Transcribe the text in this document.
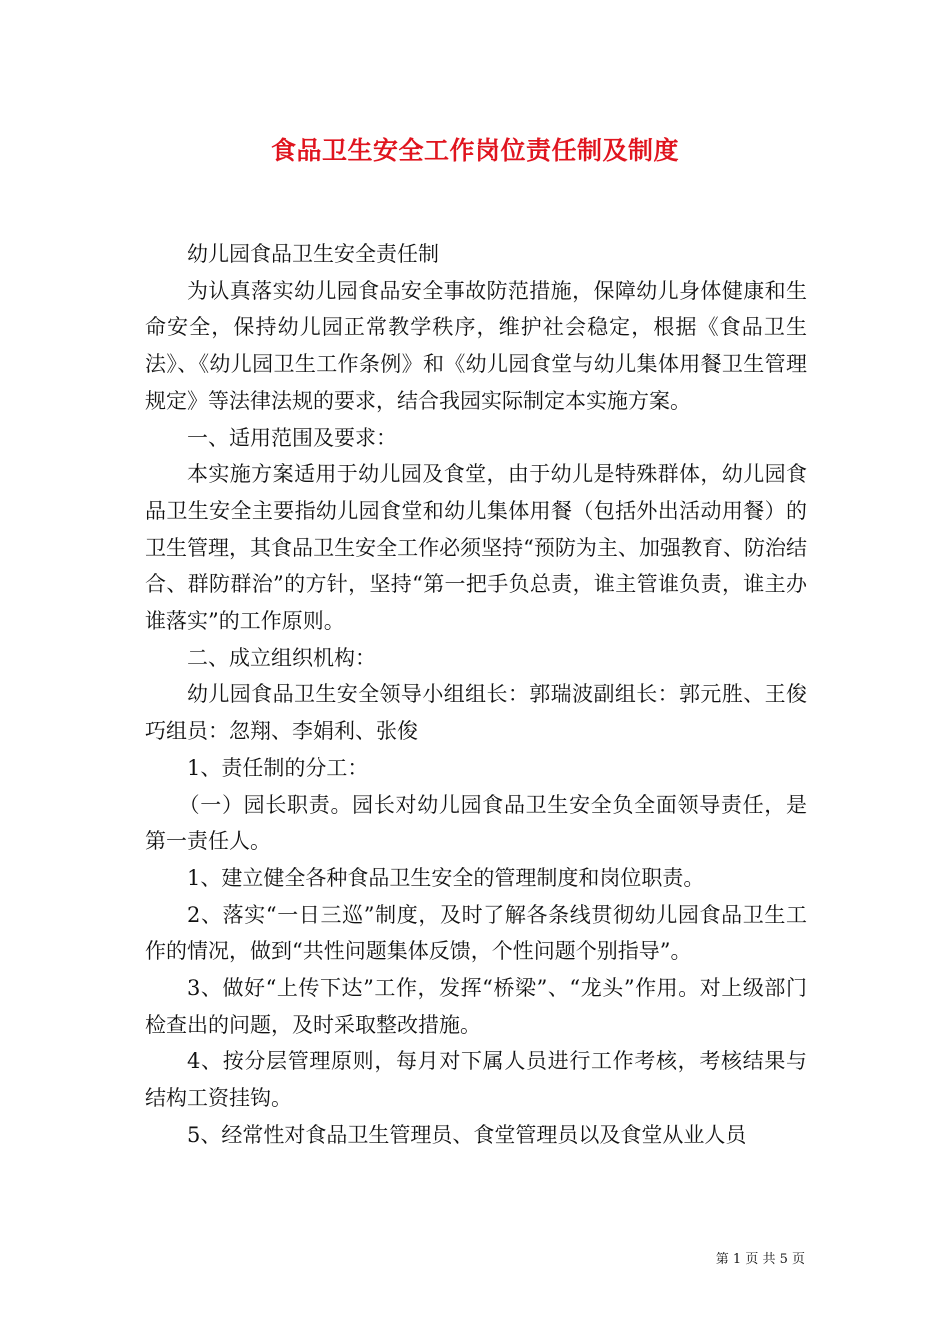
食品卫生安全工作岗位责任制及制度

幼儿园食品卫生安全责任制

为认真落实幼儿园食品安全事故防范措施，保障幼儿身体健康和生命安全，保持幼儿园正常教学秩序，维护社会稳定，根据《食品卫生法》、《幼儿园卫生工作条例》和《幼儿园食堂与幼儿集体用餐卫生管理规定》等法律法规的要求，结合我园实际制定本实施方案。

一、适用范围及要求：

本实施方案适用于幼儿园及食堂，由于幼儿是特殊群体，幼儿园食品卫生安全主要指幼儿园食堂和幼儿集体用餐（包括外出活动用餐）的卫生管理，其食品卫生安全工作必须坚持“预防为主、加强教育、防治结合、群防群治”的方针，坚持“第一把手负总责，谁主管谁负责，谁主办谁落实”的工作原则。

二、成立组织机构：

幼儿园食品卫生安全领导小组组长：郭瑞波副组长：郭元胜、王俊巧组员：忽翔、李娟利、张俊

1、责任制的分工：

（一）园长职责。园长对幼儿园食品卫生安全负全面领导责任，是第一责任人。

1、建立健全各种食品卫生安全的管理制度和岗位职责。

2、落实“一日三巡”制度，及时了解各条线贯彻幼儿园食品卫生工作的情况，做到“共性问题集体反馈，个性问题个别指导”。

3、做好“上传下达”工作，发挥“桥梁”、“龙头”作用。对上级部门检查出的问题，及时采取整改措施。

4、按分层管理原则，每月对下属人员进行工作考核，考核结果与结构工资挂钩。

5、经常性对食品卫生管理员、食堂管理员以及食堂从业人员

第 1 页 共 5 页
